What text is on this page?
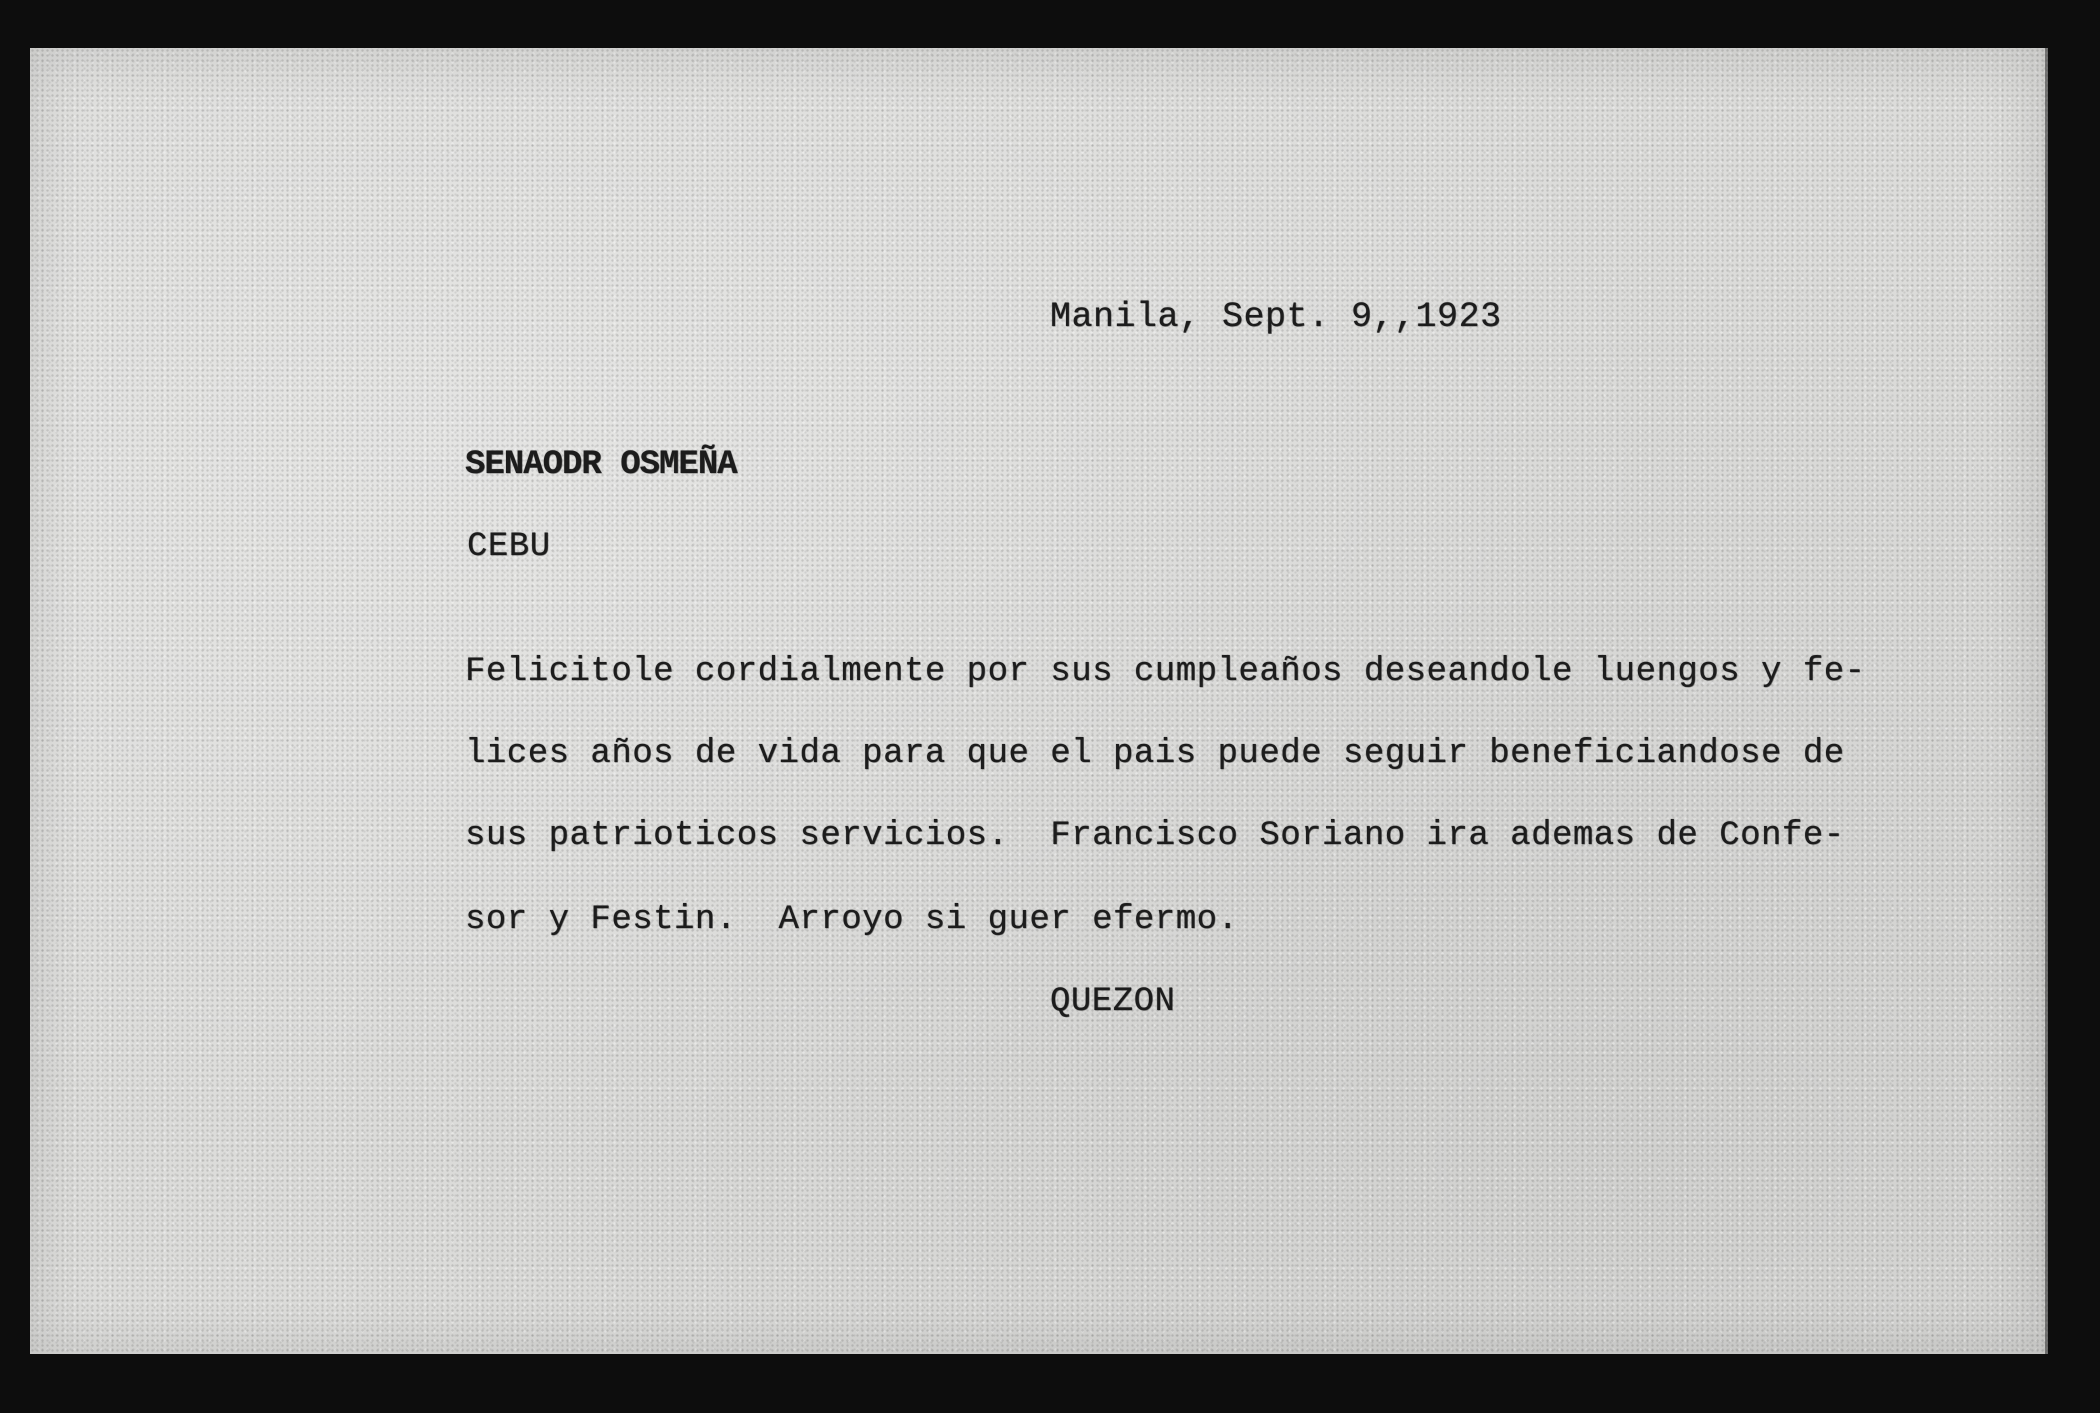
Manila, Sept. 9,,1923
SENAODR OSMEÑA
CEBU
Felicitole cordialmente por sus cumpleaños deseandole luengos y fe-
lices años de vida para que el pais puede seguir beneficiandose de
sus patrioticos servicios.  Francisco Soriano ira ademas de Confe-
sor y Festin.  Arroyo si guer efermo.
QUEZON
